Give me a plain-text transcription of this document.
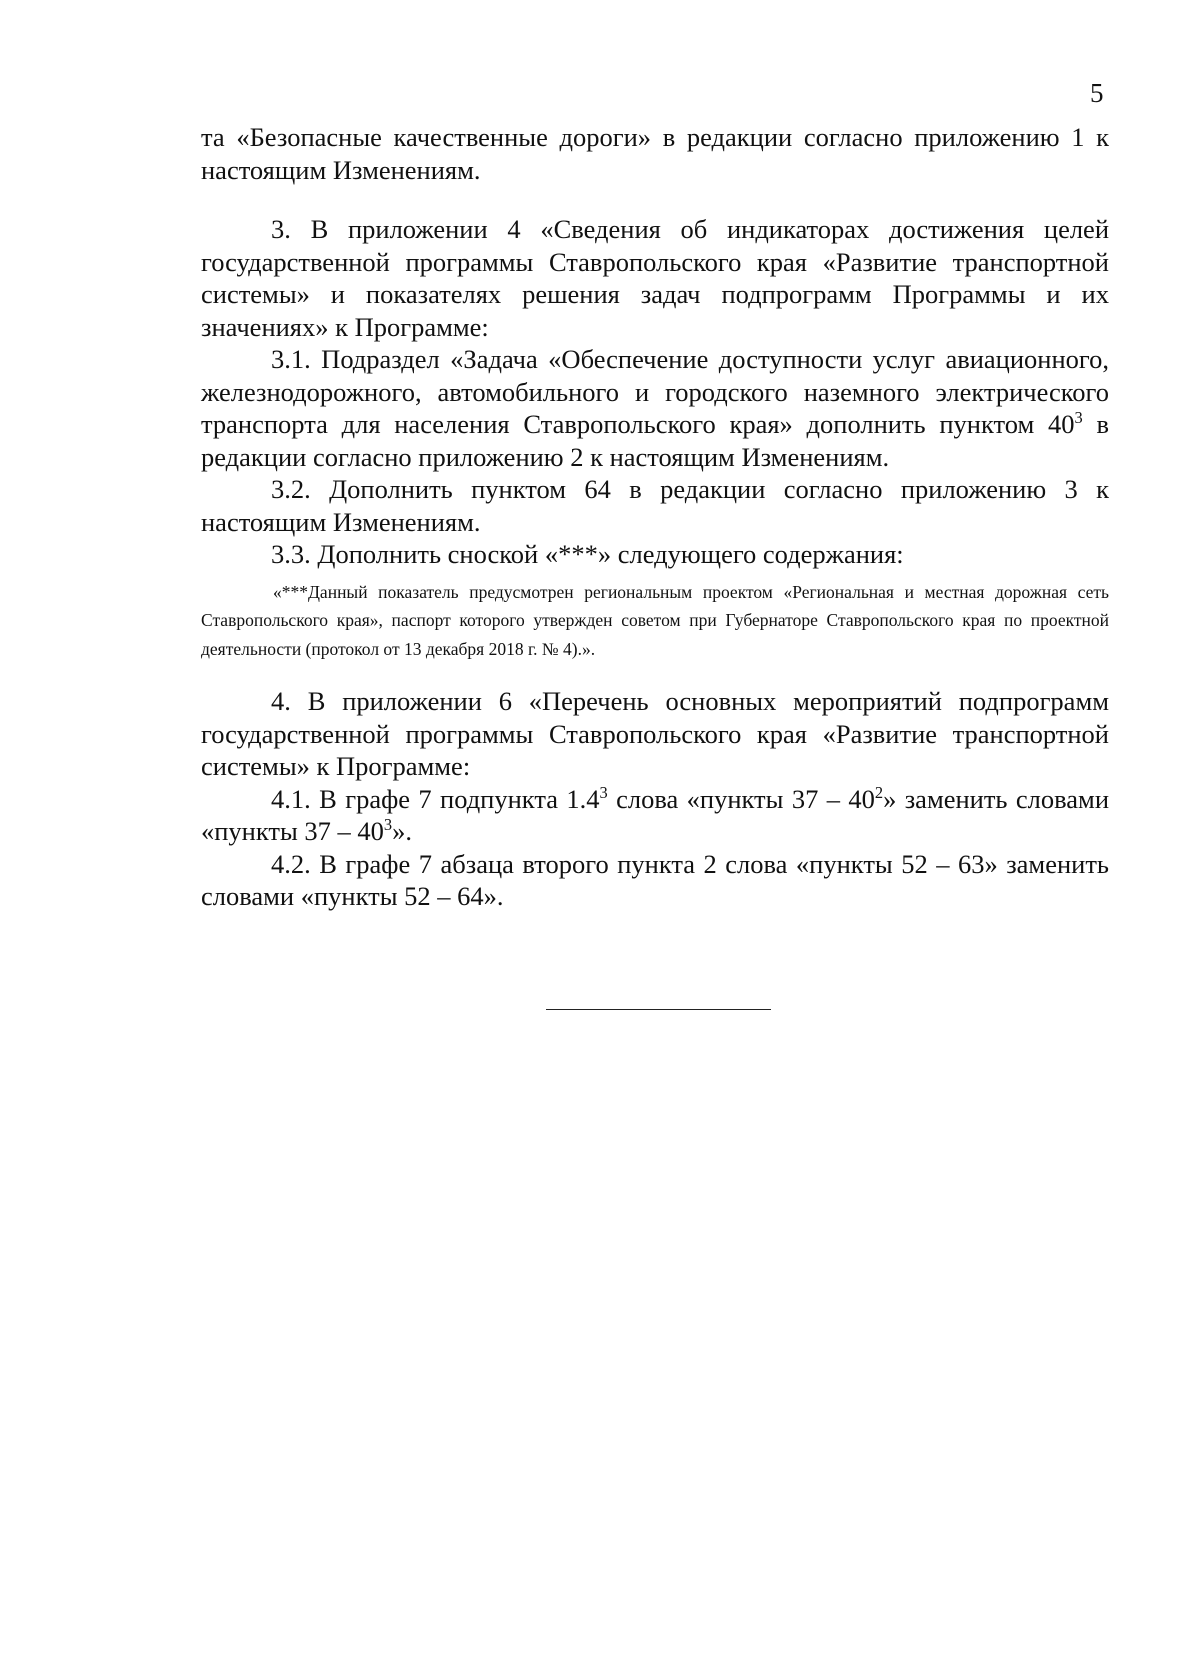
5

та «Безопасные качественные дороги» в редакции согласно приложению 1 к настоящим Изменениям.

3. В приложении 4 «Сведения об индикаторах достижения целей государственной программы Ставропольского края «Развитие транспортной системы» и показателях решения задач подпрограмм Программы и их значениях» к Программе:

3.1. Подраздел «Задача «Обеспечение доступности услуг авиационного, железнодорожного, автомобильного и городского наземного электрического транспорта для населения Ставропольского края» дополнить пунктом $40^3$ в редакции согласно приложению 2 к настоящим Изменениям.

3.2. Дополнить пунктом 64 в редакции согласно приложению 3 к настоящим Изменениям.

3.3. Дополнить сноской «***» следующего содержания:

«***Данный показатель предусмотрен региональным проектом «Региональная и местная дорожная сеть Ставропольского края», паспорт которого утвержден советом при Губернаторе Ставропольского края по проектной деятельности (протокол от 13 декабря 2018 г. № 4).».

4. В приложении 6 «Перечень основных мероприятий подпрограмм государственной программы Ставропольского края «Развитие транспортной системы» к Программе:

4.1. В графе 7 подпункта $1.4^3$ слова «пункты $37 - 40^2$» заменить словами «пункты $37 - 40^3$».

4.2. В графе 7 абзаца второго пункта 2 слова «пункты 52 – 63» заменить словами «пункты 52 – 64».
